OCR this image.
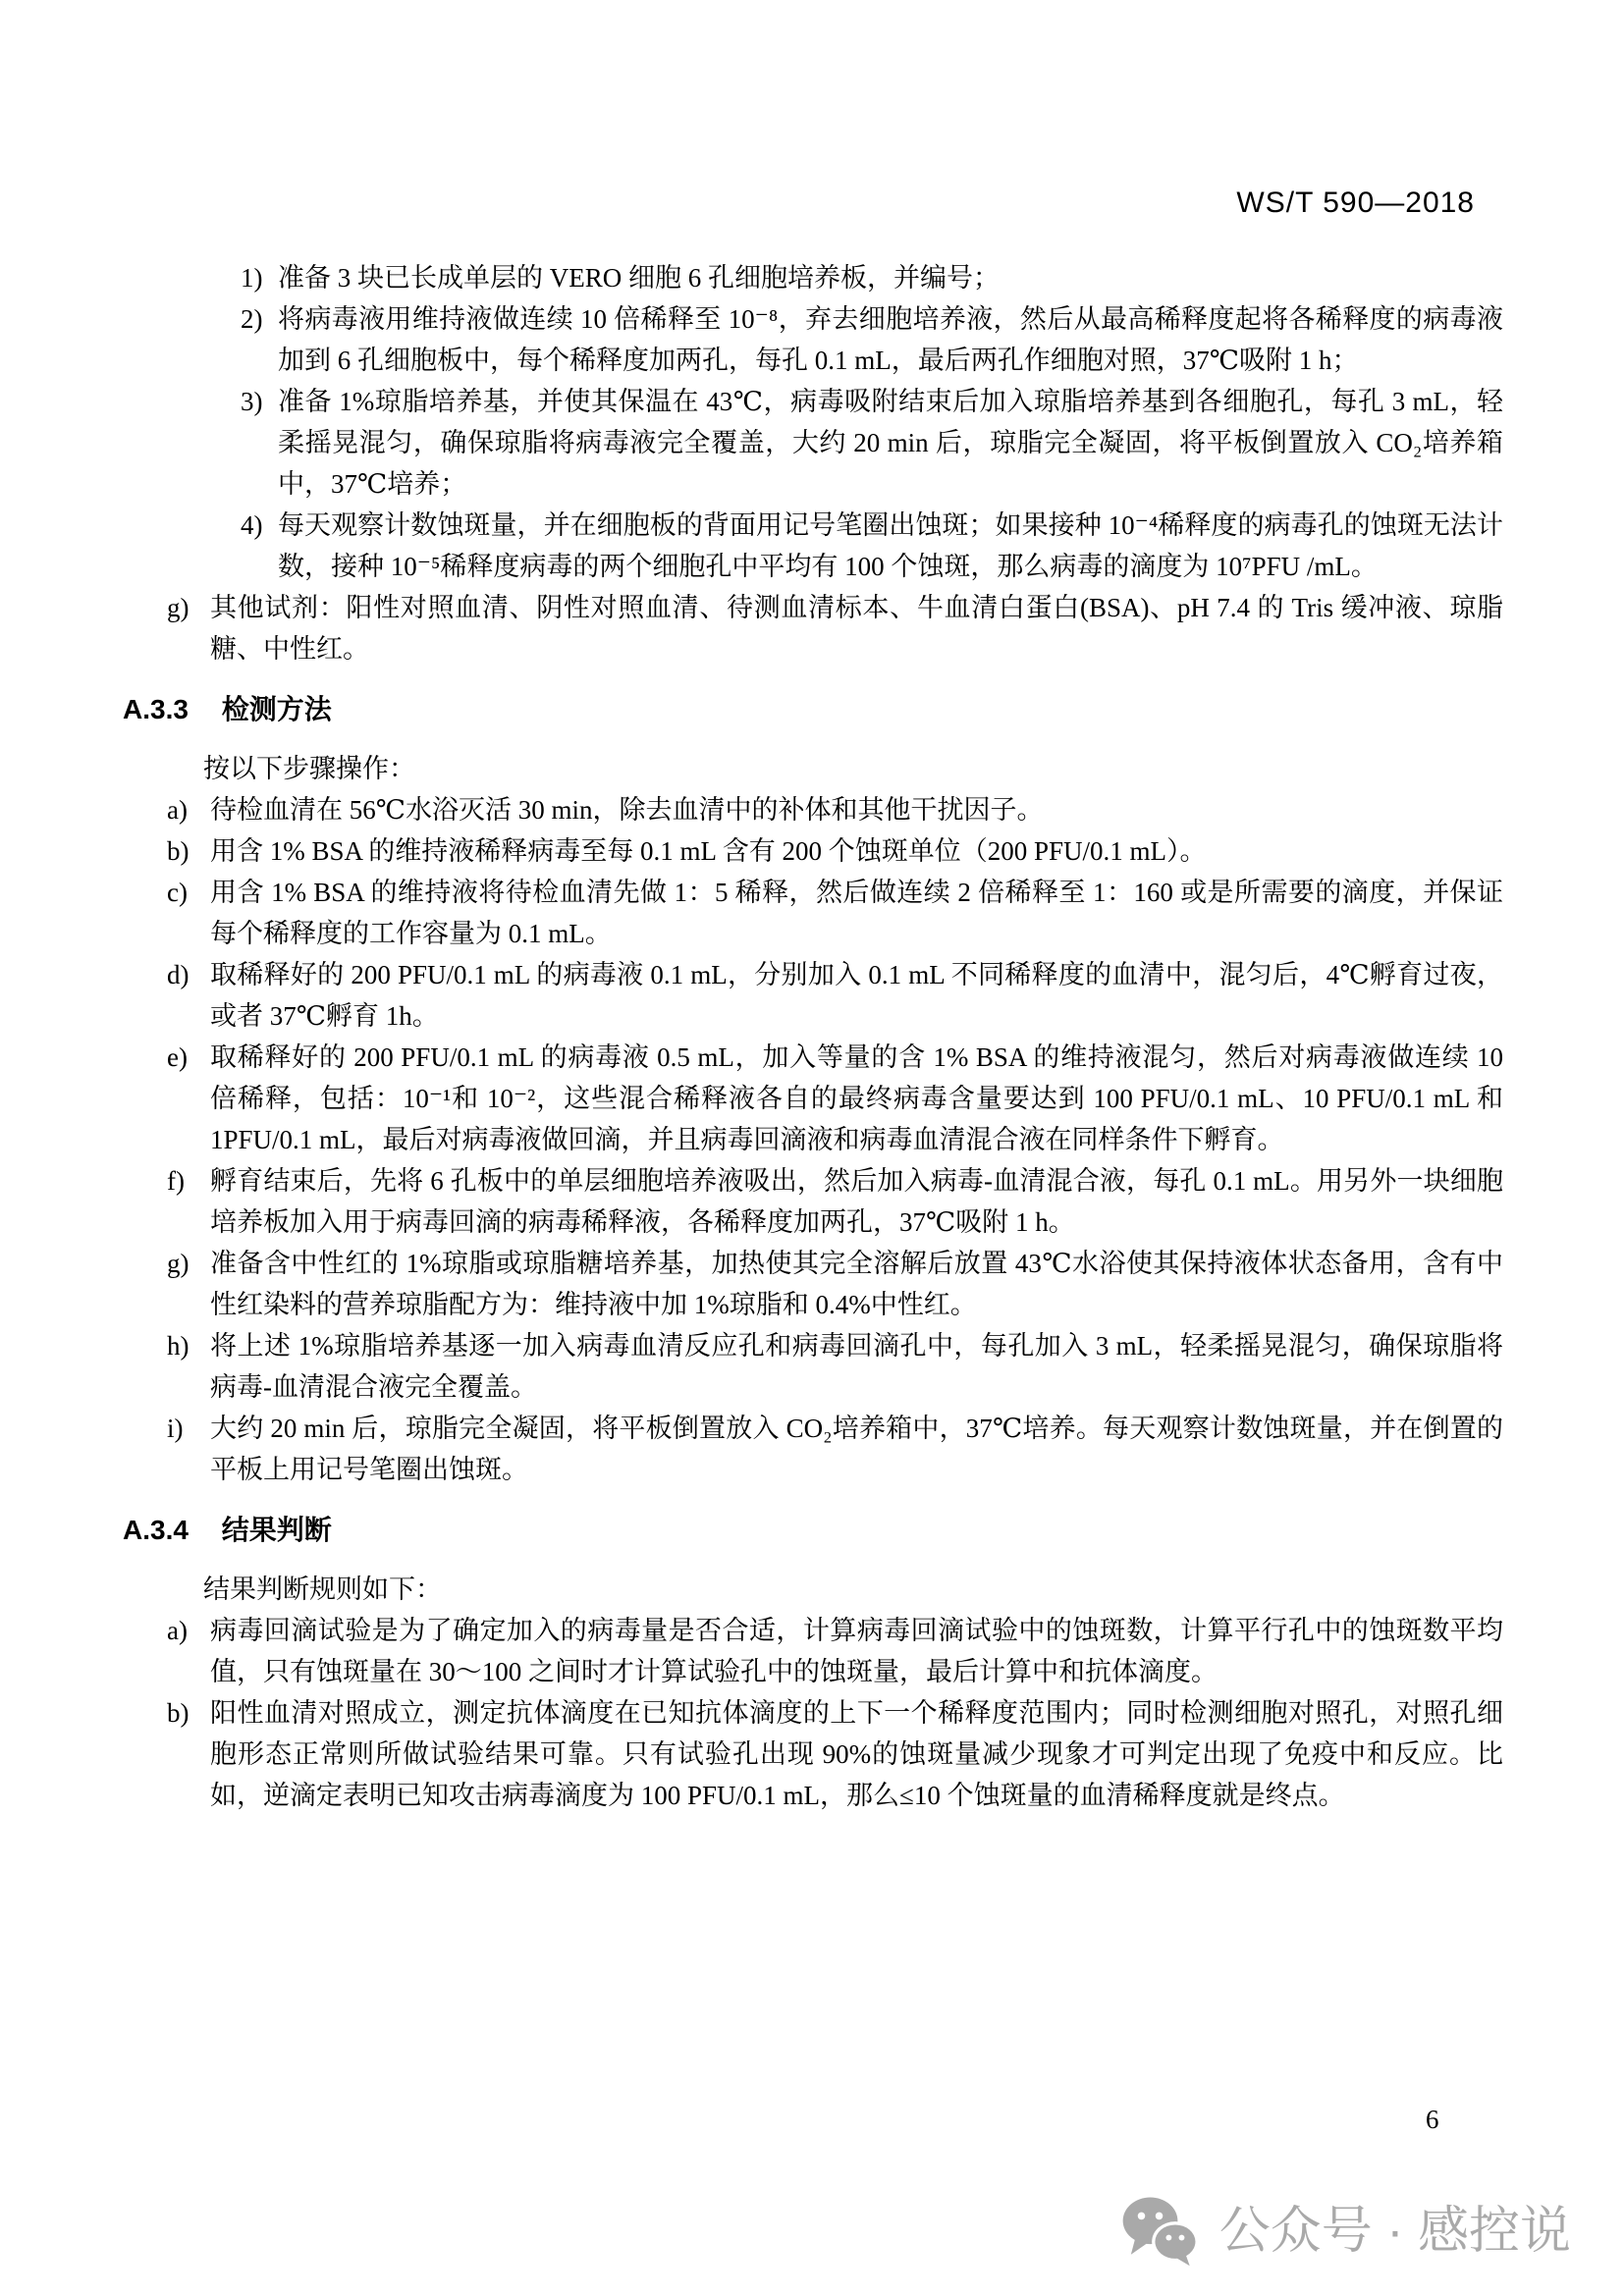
WS/T 590—2018
1) 准备 3 块已长成单层的 VERO 细胞 6 孔细胞培养板，并编号；
2) 将病毒液用维持液做连续 10 倍稀释至 10⁻⁸，弃去细胞培养液，然后从最高稀释度起将各稀释度的病毒液加到 6 孔细胞板中，每个稀释度加两孔，每孔 0.1 mL，最后两孔作细胞对照，37℃吸附 1 h；
3) 准备 1%琼脂培养基，并使其保温在 43℃，病毒吸附结束后加入琼脂培养基到各细胞孔，每孔 3 mL，轻柔摇晃混匀，确保琼脂将病毒液完全覆盖，大约 20 min 后，琼脂完全凝固，将平板倒置放入 CO₂培养箱中，37℃培养；
4) 每天观察计数蚀斑量，并在细胞板的背面用记号笔圈出蚀斑；如果接种 10⁻⁴稀释度的病毒孔的蚀斑无法计数，接种 10⁻⁵稀释度病毒的两个细胞孔中平均有 100 个蚀斑，那么病毒的滴度为 10⁷PFU /mL。
g) 其他试剂：阳性对照血清、阴性对照血清、待测血清标本、牛血清白蛋白(BSA)、pH 7.4 的 Tris 缓冲液、琼脂糖、中性红。
A.3.3 检测方法

按以下步骤操作：

a) 待检血清在 56℃水浴灭活 30 min，除去血清中的补体和其他干扰因子。
b) 用含 1% BSA 的维持液稀释病毒至每 0.1 mL 含有 200 个蚀斑单位（200 PFU/0.1 mL）。
c) 用含 1% BSA 的维持液将待检血清先做 1：5 稀释，然后做连续 2 倍稀释至 1：160 或是所需要的滴度，并保证每个稀释度的工作容量为 0.1 mL。
d) 取稀释好的 200 PFU/0.1 mL 的病毒液 0.1 mL，分别加入 0.1 mL 不同稀释度的血清中，混匀后，4℃孵育过夜，或者 37℃孵育 1h。
e) 取稀释好的 200 PFU/0.1 mL 的病毒液 0.5 mL，加入等量的含 1% BSA 的维持液混匀，然后对病毒液做连续 10 倍稀释，包括：10⁻¹和 10⁻²，这些混合稀释液各自的最终病毒含量要达到 100 PFU/0.1 mL、10 PFU/0.1 mL 和 1PFU/0.1 mL，最后对病毒液做回滴，并且病毒回滴液和病毒血清混合液在同样条件下孵育。
f) 孵育结束后，先将 6 孔板中的单层细胞培养液吸出，然后加入病毒-血清混合液，每孔 0.1 mL。用另外一块细胞培养板加入用于病毒回滴的病毒稀释液，各稀释度加两孔，37℃吸附 1 h。
g) 准备含中性红的 1%琼脂或琼脂糖培养基，加热使其完全溶解后放置 43℃水浴使其保持液体状态备用，含有中性红染料的营养琼脂配方为：维持液中加 1%琼脂和 0.4%中性红。
h) 将上述 1%琼脂培养基逐一加入病毒血清反应孔和病毒回滴孔中，每孔加入 3 mL，轻柔摇晃混匀，确保琼脂将病毒-血清混合液完全覆盖。
i)	大约 20 min 后，琼脂完全凝固，将平板倒置放入 CO₂培养箱中，37℃培养。每天观察计数蚀斑量，并在倒置的平板上用记号笔圈出蚀斑。
A.3.4 结果判断

结果判断规则如下：

a) 病毒回滴试验是为了确定加入的病毒量是否合适，计算病毒回滴试验中的蚀斑数，计算平行孔中的蚀斑数平均值，只有蚀斑量在 30～100 之间时才计算试验孔中的蚀斑量，最后计算中和抗体滴度。
b) 阳性血清对照成立，测定抗体滴度在已知抗体滴度的上下一个稀释度范围内；同时检测细胞对照孔，对照孔细胞形态正常则所做试验结果可靠。只有试验孔出现 90%的蚀斑量减少现象才可判定出现了免疫中和反应。比如，逆滴定表明已知攻击病毒滴度为 100 PFU/0.1 mL，那么≤10 个蚀斑量的血清稀释度就是终点。
6
公众号 · 感控说
